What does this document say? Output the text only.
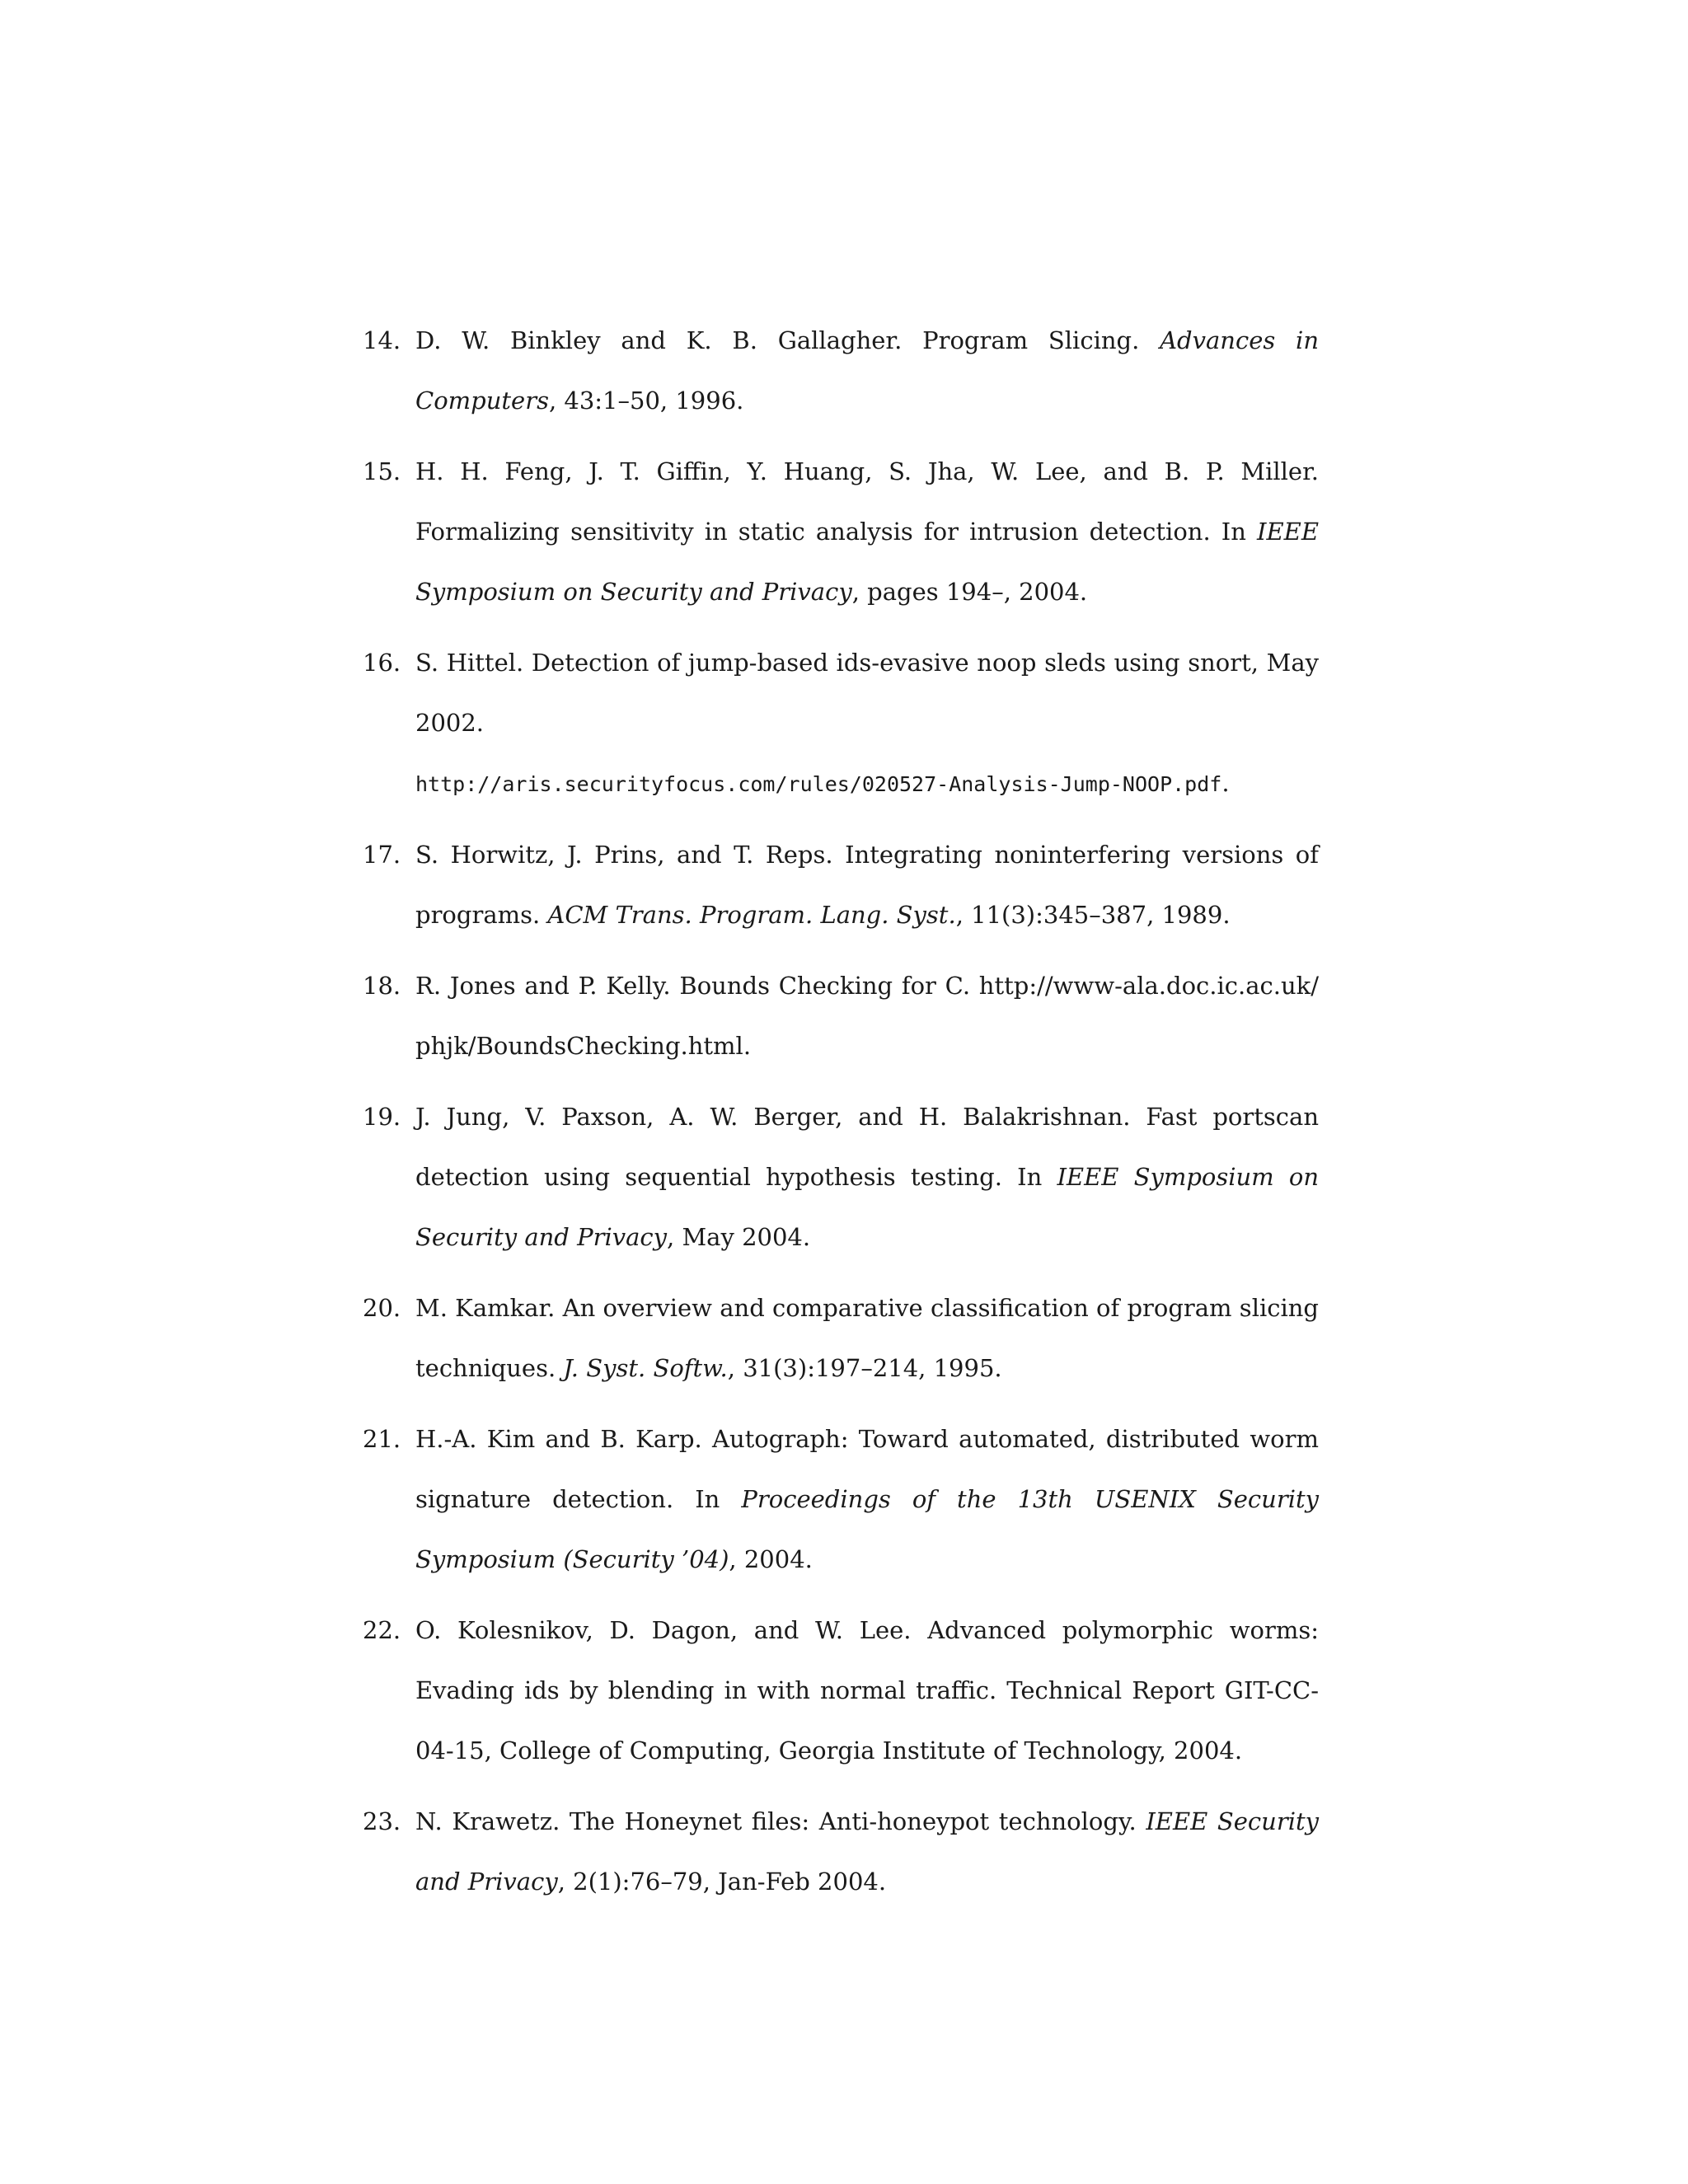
14. D. W. Binkley and K. B. Gallagher. Program Slicing. Advances in Computers, 43:1–50, 1996.
15. H. H. Feng, J. T. Giffin, Y. Huang, S. Jha, W. Lee, and B. P. Miller. Formalizing sensitivity in static analysis for intrusion detection. In IEEE Symposium on Security and Privacy, pages 194–, 2004.
16. S. Hittel. Detection of jump-based ids-evasive noop sleds using snort, May 2002.
http://aris.securityfocus.com/rules/020527-Analysis-Jump-NOOP.pdf.
17. S. Horwitz, J. Prins, and T. Reps. Integrating noninterfering versions of programs. ACM Trans. Program. Lang. Syst., 11(3):345–387, 1989.
18. R. Jones and P. Kelly. Bounds Checking for C. http://www-ala.doc.ic.ac.uk/ phjk/BoundsChecking.html.
19. J. Jung, V. Paxson, A. W. Berger, and H. Balakrishnan. Fast portscan detection using sequential hypothesis testing. In IEEE Symposium on Security and Privacy, May 2004.
20. M. Kamkar. An overview and comparative classification of program slicing techniques. J. Syst. Softw., 31(3):197–214, 1995.
21. H.-A. Kim and B. Karp. Autograph: Toward automated, distributed worm signature detection. In Proceedings of the 13th USENIX Security Symposium (Security ’04), 2004.
22. O. Kolesnikov, D. Dagon, and W. Lee. Advanced polymorphic worms: Evading ids by blending in with normal traffic. Technical Report GIT-CC-04-15, College of Computing, Georgia Institute of Technology, 2004.
23. N. Krawetz. The Honeynet files: Anti-honeypot technology. IEEE Security and Privacy, 2(1):76–79, Jan-Feb 2004.
